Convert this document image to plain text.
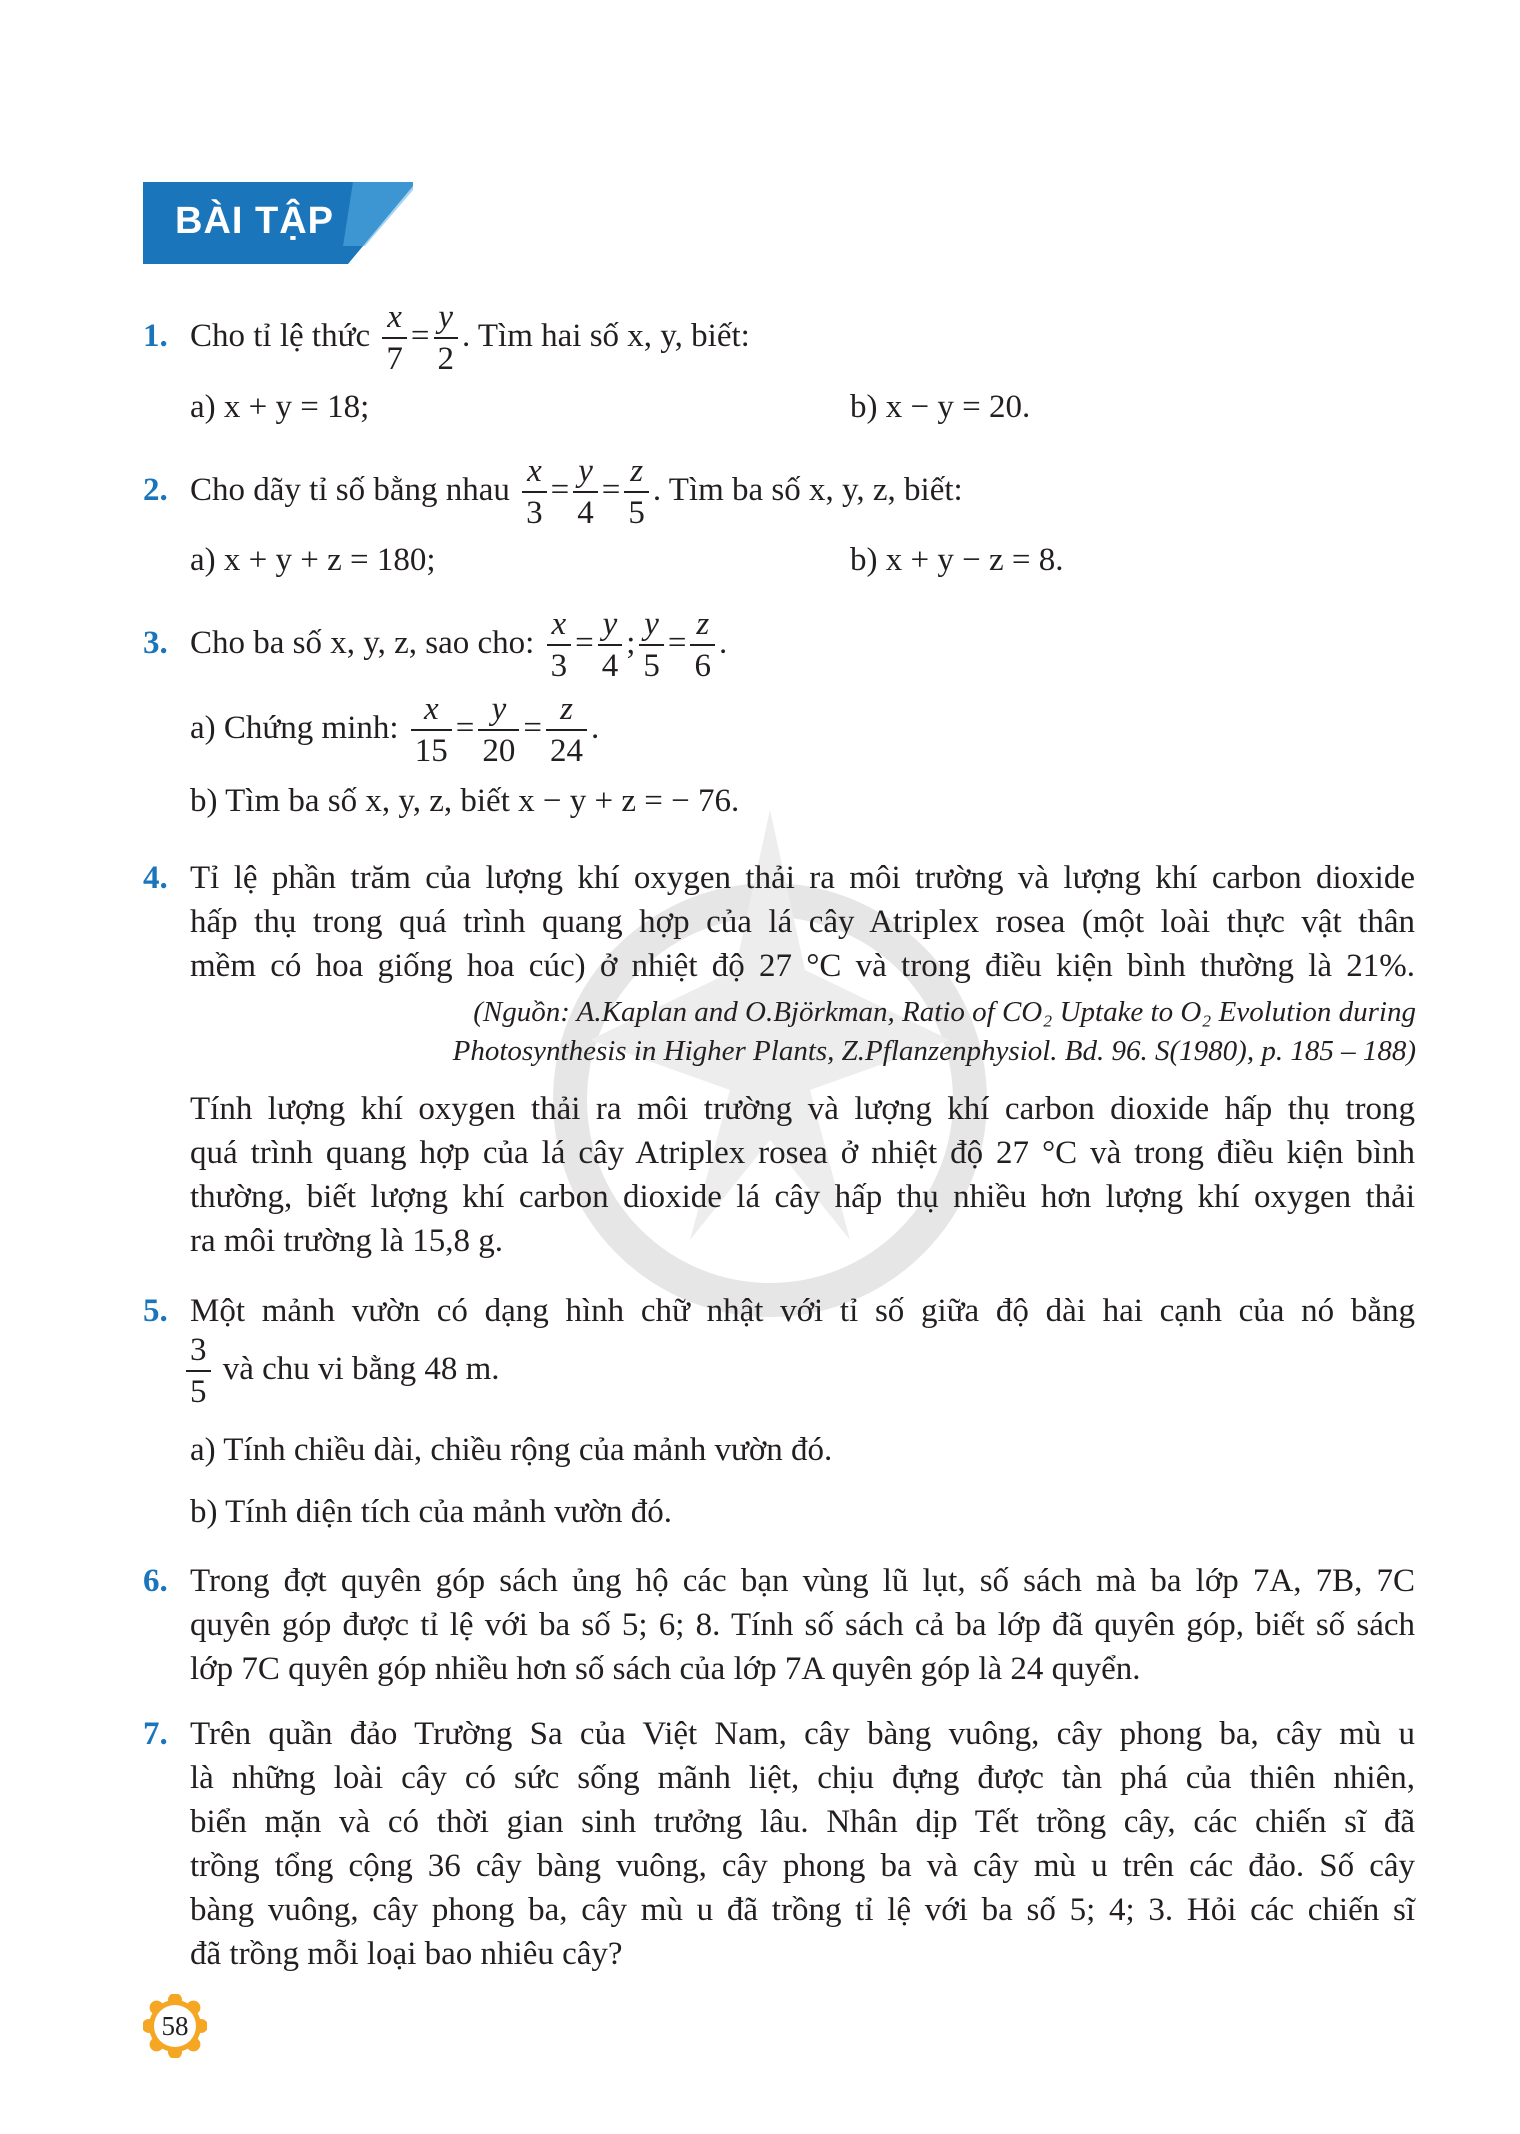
BÀI TẬP
1. Cho tỉ lệ thức $\frac{x}{7} = \frac{y}{2}$ . Tìm hai số x, y, biết:
a) x + y = 18;	b) x − y = 20.
2. Cho dãy tỉ số bằng nhau $\frac{x}{3} = \frac{y}{4} = \frac{z}{5}$ . Tìm ba số x, y, z, biết:
a) x + y + z = 180;	b) x + y − z = 8.
3. Cho ba số x, y, z, sao cho: $\frac{x}{3} = \frac{y}{4}$ ; $\frac{y}{5} = \frac{z}{6}$ .
a) Chứng minh: $\frac{x}{15} = \frac{y}{20} = \frac{z}{24}$ .
b) Tìm ba số x, y, z, biết x − y + z = − 76.
4. Tỉ lệ phần trăm của lượng khí oxygen thải ra môi trường và lượng khí carbon dioxide
hấp thụ trong quá trình quang hợp của lá cây Atriplex rosea (một loài thực vật thân
mềm có hoa giống hoa cúc) ở nhiệt độ 27 °C và trong điều kiện bình thường là 21%.
(Nguồn: A.Kaplan and O.Björkman, Ratio of CO₂ Uptake to O₂ Evolution during
Photosynthesis in Higher Plants, Z.Pflanzenphysiol. Bd. 96. S(1980), p. 185 – 188)
Tính lượng khí oxygen thải ra môi trường và lượng khí carbon dioxide hấp thụ trong
quá trình quang hợp của lá cây Atriplex rosea ở nhiệt độ 27 °C và trong điều kiện bình
thường, biết lượng khí carbon dioxide lá cây hấp thụ nhiều hơn lượng khí oxygen thải
ra môi trường là 15,8 g.
5. Một mảnh vườn có dạng hình chữ nhật với tỉ số giữa độ dài hai cạnh của nó bằng
$\frac{3}{5}$ và chu vi bằng 48 m.
a) Tính chiều dài, chiều rộng của mảnh vườn đó.
b) Tính diện tích của mảnh vườn đó.
6. Trong đợt quyên góp sách ủng hộ các bạn vùng lũ lụt, số sách mà ba lớp 7A, 7B, 7C
quyên góp được tỉ lệ với ba số 5; 6; 8. Tính số sách cả ba lớp đã quyên góp, biết số sách
lớp 7C quyên góp nhiều hơn số sách của lớp 7A quyên góp là 24 quyển.
7. Trên quần đảo Trường Sa của Việt Nam, cây bàng vuông, cây phong ba, cây mù u
là những loài cây có sức sống mãnh liệt, chịu đựng được tàn phá của thiên nhiên,
biển mặn và có thời gian sinh trưởng lâu. Nhân dịp Tết trồng cây, các chiến sĩ đã
trồng tổng cộng 36 cây bàng vuông, cây phong ba và cây mù u trên các đảo. Số cây
bàng vuông, cây phong ba, cây mù u đã trồng tỉ lệ với ba số 5; 4; 3. Hỏi các chiến sĩ
đã trồng mỗi loại bao nhiêu cây?
58
